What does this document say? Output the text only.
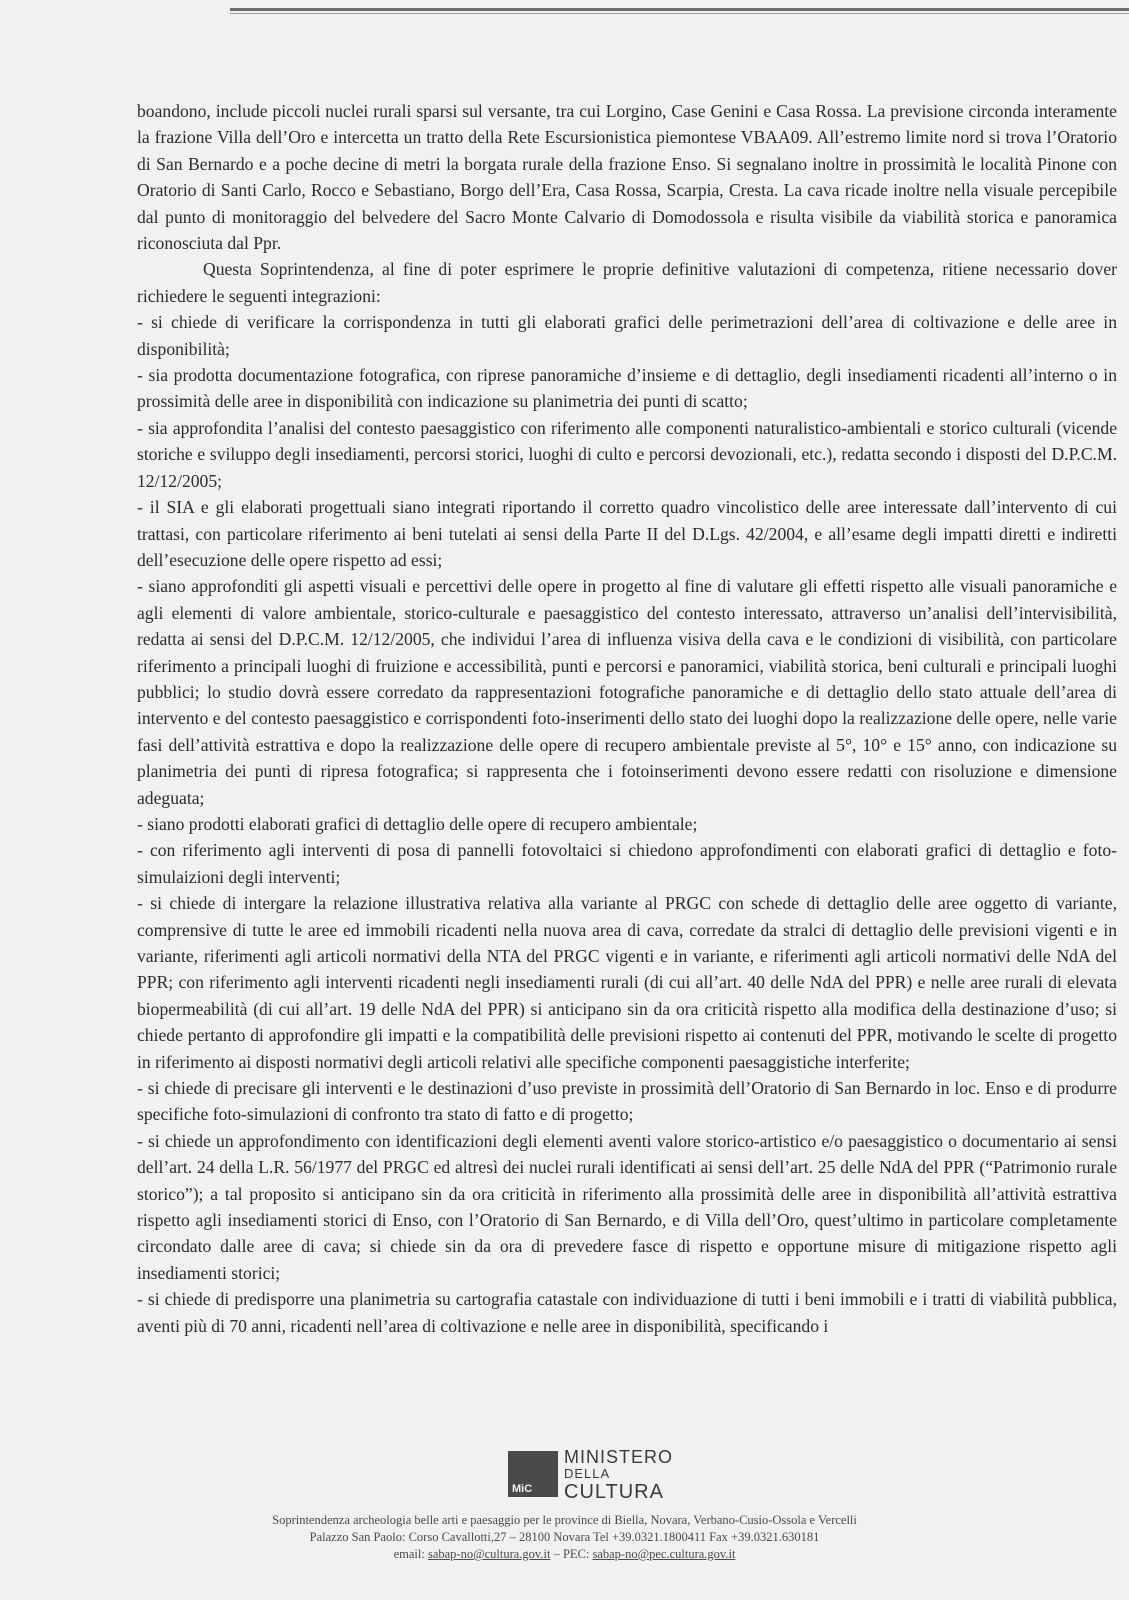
boandono, include piccoli nuclei rurali sparsi sul versante, tra cui Lorgino, Case Genini e Casa Rossa. La previsione circonda interamente la frazione Villa dell’Oro e intercetta un tratto della Rete Escursionistica piemontese VBAA09. All’estremo limite nord si trova l’Oratorio di San Bernardo e a poche decine di metri la borgata rurale della frazione Enso. Si segnalano inoltre in prossimità le località Pinone con Oratorio di Santi Carlo, Rocco e Sebastiano, Borgo dell’Era, Casa Rossa, Scarpia, Cresta. La cava ricade inoltre nella visuale percepibile dal punto di monitoraggio del belvedere del Sacro Monte Calvario di Domodossola e risulta visibile da viabilità storica e panoramica riconosciuta dal Ppr.

Questa Soprintendenza, al fine di poter esprimere le proprie definitive valutazioni di competenza, ritiene necessario dover richiedere le seguenti integrazioni:

- si chiede di verificare la corrispondenza in tutti gli elaborati grafici delle perimetrazioni dell’area di coltivazione e delle aree in disponibilità;

- sia prodotta documentazione fotografica, con riprese panoramiche d’insieme e di dettaglio, degli insediamenti ricadenti all’interno o in prossimità delle aree in disponibilità con indicazione su planimetria dei punti di scatto;

- sia approfondita l’analisi del contesto paesaggistico con riferimento alle componenti naturalistico-ambientali e storico culturali (vicende storiche e sviluppo degli insediamenti, percorsi storici, luoghi di culto e percorsi devozionali, etc.), redatta secondo i disposti del D.P.C.M. 12/12/2005;

- il SIA e gli elaborati progettuali siano integrati riportando il corretto quadro vincolistico delle aree interessate dall’intervento di cui trattasi, con particolare riferimento ai beni tutelati ai sensi della Parte II del D.Lgs. 42/2004, e all’esame degli impatti diretti e indiretti dell’esecuzione delle opere rispetto ad essi;

- siano approfonditi gli aspetti visuali e percettivi delle opere in progetto al fine di valutare gli effetti rispetto alle visuali panoramiche e agli elementi di valore ambientale, storico-culturale e paesaggistico del contesto interessato, attraverso un’analisi dell’intervisibilità, redatta ai sensi del D.P.C.M. 12/12/2005, che individui l’area di influenza visiva della cava e le condizioni di visibilità, con particolare riferimento a principali luoghi di fruizione e accessibilità, punti e percorsi e panoramici, viabilità storica, beni culturali e principali luoghi pubblici; lo studio dovrà essere corredato da rappresentazioni fotografiche panoramiche e di dettaglio dello stato attuale dell’area di intervento e del contesto paesaggistico e corrispondenti foto-inserimenti dello stato dei luoghi dopo la realizzazione delle opere, nelle varie fasi dell’attività estrattiva e dopo la realizzazione delle opere di recupero ambientale previste al 5°, 10° e 15° anno, con indicazione su planimetria dei punti di ripresa fotografica; si rappresenta che i fotoinserimenti devono essere redatti con risoluzione e dimensione adeguata;

- siano prodotti elaborati grafici di dettaglio delle opere di recupero ambientale;

- con riferimento agli interventi di posa di pannelli fotovoltaici si chiedono approfondimenti con elaborati grafici di dettaglio e foto-simulaizioni degli interventi;

- si chiede di intergare la relazione illustrativa relativa alla variante al PRGC con schede di dettaglio delle aree oggetto di variante, comprensive di tutte le aree ed immobili ricadenti nella nuova area di cava, corredate da stralci di dettaglio delle previsioni vigenti e in variante, riferimenti agli articoli normativi della NTA del PRGC vigenti e in variante, e riferimenti agli articoli normativi delle NdA del PPR; con riferimento agli interventi ricadenti negli insediamenti rurali (di cui all’art. 40 delle NdA del PPR) e nelle aree rurali di elevata biopermeabilità (di cui all’art. 19 delle NdA del PPR) si anticipano sin da ora criticità rispetto alla modifica della destinazione d’uso; si chiede pertanto di approfondire gli impatti e la compatibilità delle previsioni rispetto ai contenuti del PPR, motivando le scelte di progetto in riferimento ai disposti normativi degli articoli relativi alle specifiche componenti paesaggistiche interferite;

- si chiede di precisare gli interventi e le destinazioni d’uso previste in prossimità dell’Oratorio di San Bernardo in loc. Enso e di produrre specifiche foto-simulazioni di confronto tra stato di fatto e di progetto;

- si chiede un approfondimento con identificazioni degli elementi aventi valore storico-artistico e/o paesaggistico o documentario ai sensi dell’art. 24 della L.R. 56/1977 del PRGC ed altresì dei nuclei rurali identificati ai sensi dell’art. 25 delle NdA del PPR (“Patrimonio rurale storico”); a tal proposito si anticipano sin da ora criticità in riferimento alla prossimità delle aree in disponibilità all’attività estrattiva rispetto agli insediamenti storici di Enso, con l’Oratorio di San Bernardo, e di Villa dell’Oro, quest’ultimo in particolare completamente circondato dalle aree di cava; si chiede sin da ora di prevedere fasce di rispetto e opportune misure di mitigazione rispetto agli insediamenti storici;

- si chiede di predisporre una planimetria su cartografia catastale con individuazione di tutti i beni immobili e i tratti di viabilità pubblica, aventi più di 70 anni, ricadenti nell’area di coltivazione e nelle aree in disponibilità, specificando i

MiC
MINISTERO
DELLA
CULTURA
Soprintendenza archeologia belle arti e paesaggio per le province di Biella, Novara, Verbano-Cusio-Ossola e Vercelli
Palazzo San Paolo: Corso Cavallotti,27 – 28100 Novara Tel +39.0321.1800411 Fax +39.0321.630181
email: sabap-no@cultura.gov.it – PEC: sabap-no@pec.cultura.gov.it
